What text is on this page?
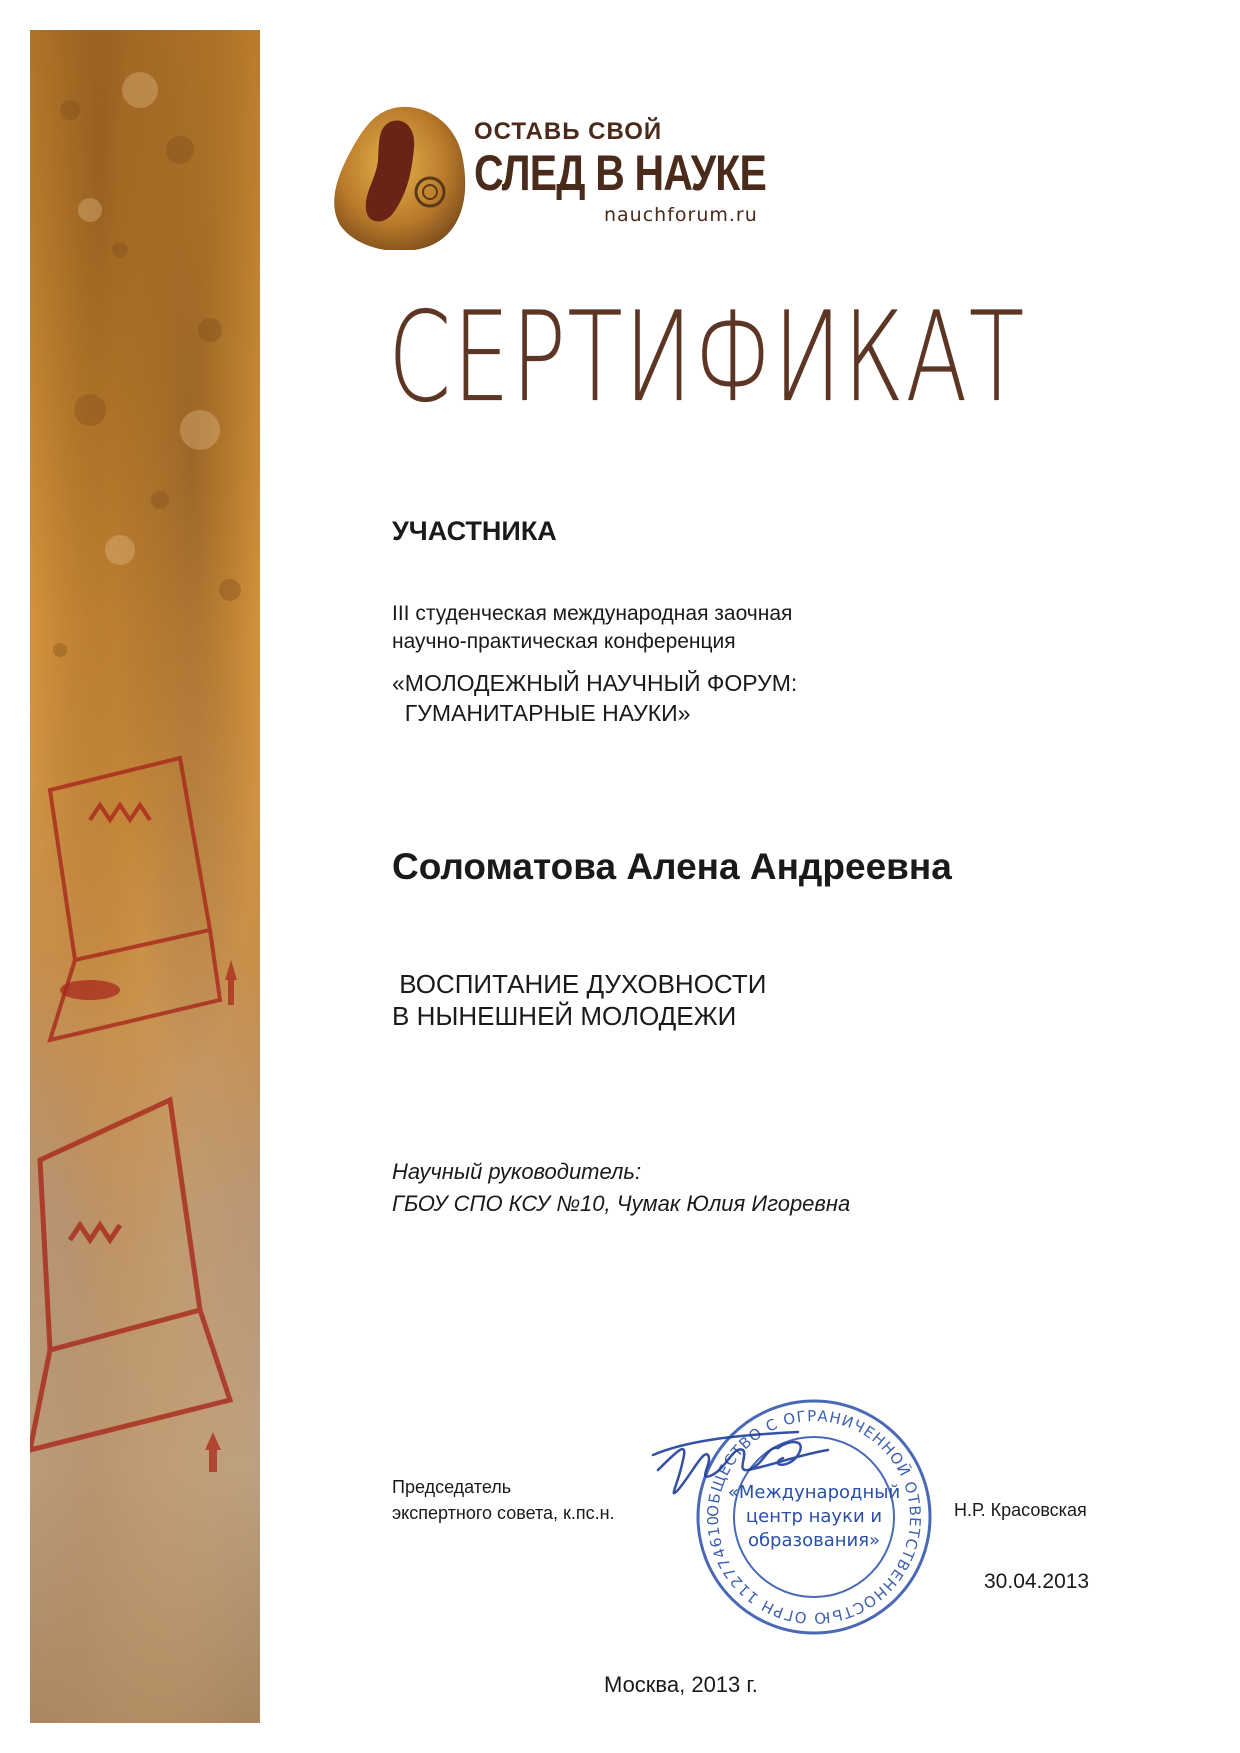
ОСТАВЬ СВОЙ
СЛЕД В НАУКЕ
nauchforum.ru
СЕРТИФИКАТ
УЧАСТНИКА
III студенческая международная заочная
научно-практическая конференция
«МОЛОДЕЖНЫЙ НАУЧНЫЙ ФОРУМ:
ГУМАНИТАРНЫЕ НАУКИ»
Соломатова Алена Андреевна
ВОСПИТАНИЕ ДУХОВНОСТИ
В НЫНЕШНЕЙ МОЛОДЕЖИ
Научный руководитель:
ГБОУ СПО КСУ №10, Чумак Юлия Игоревна
Председатель
экспертного совета, к.пс.н.	ОБЩЕСТВО С ОГРАНИЧЕННОЙ ОТВЕТСТВЕННОСТЬЮ ОГРН 112774610
«Международный
центр науки и
образования»
Н.Р. Красовская
30.04.2013
Москва, 2013 г.
